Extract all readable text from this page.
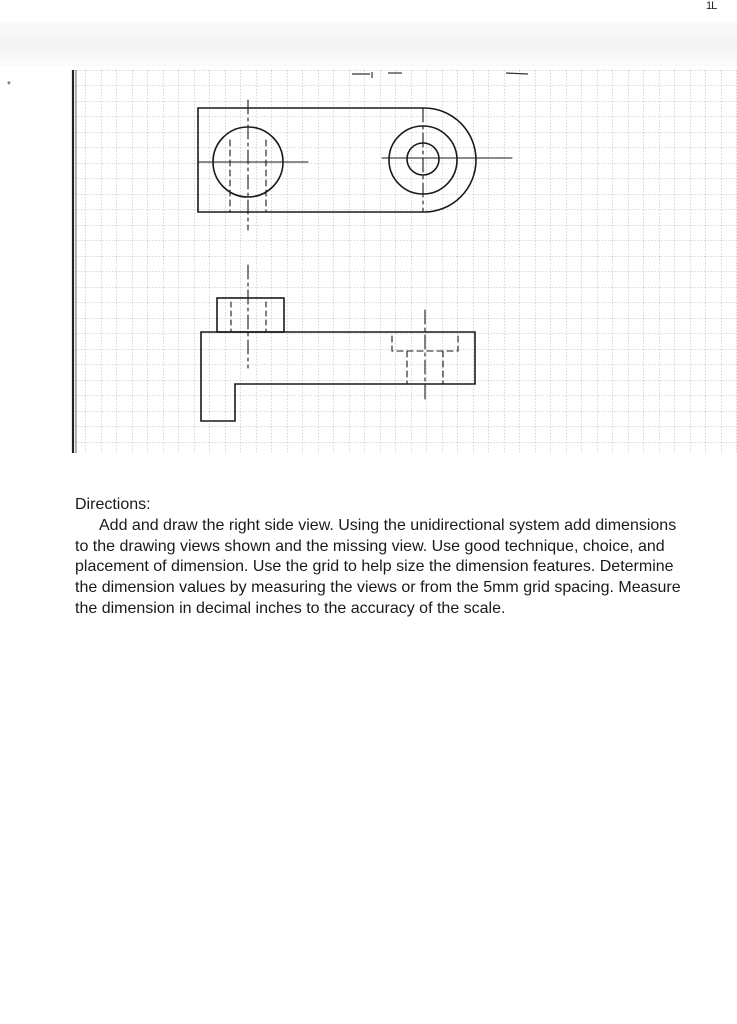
1L
*

Directions:

Add and draw the right side view. Using the unidirectional system add dimensions to the drawing views shown and the missing view. Use good technique, choice, and placement of dimension. Use the grid to help size the dimension features. Determine the dimension values by measuring the views or from the 5mm grid spacing. Measure the dimension in decimal inches to the accuracy of the scale.
